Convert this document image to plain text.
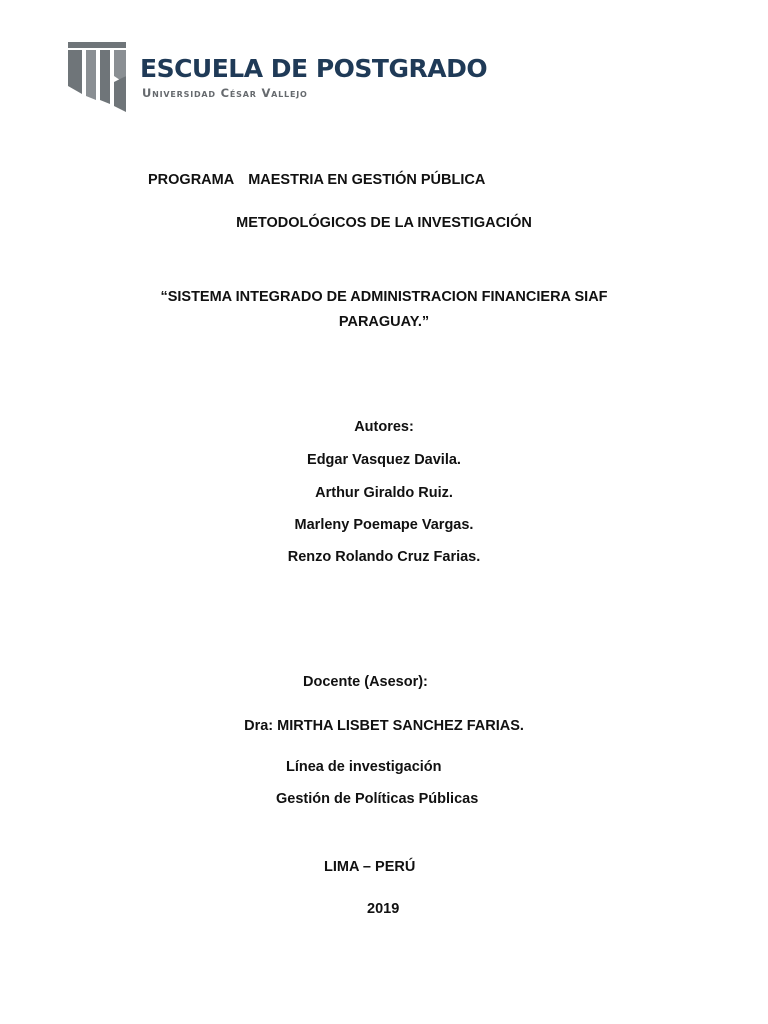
ESCUELA DE POSTGRADO
Universidad César Vallejo
PROGRAMA MAESTRIA EN GESTIÓN PÚBLICA
METODOLÓGICOS DE LA INVESTIGACIÓN
“SISTEMA INTEGRADO DE ADMINISTRACION FINANCIERA SIAF
PARAGUAY.”
Autores:
Edgar Vasquez Davila.
Arthur Giraldo Ruiz.
Marleny Poemape Vargas.
Renzo Rolando Cruz Farias.
Docente (Asesor):
Dra: MIRTHA LISBET SANCHEZ FARIAS.
Línea de investigación
Gestión de Políticas Públicas
LIMA – PERÚ
2019
